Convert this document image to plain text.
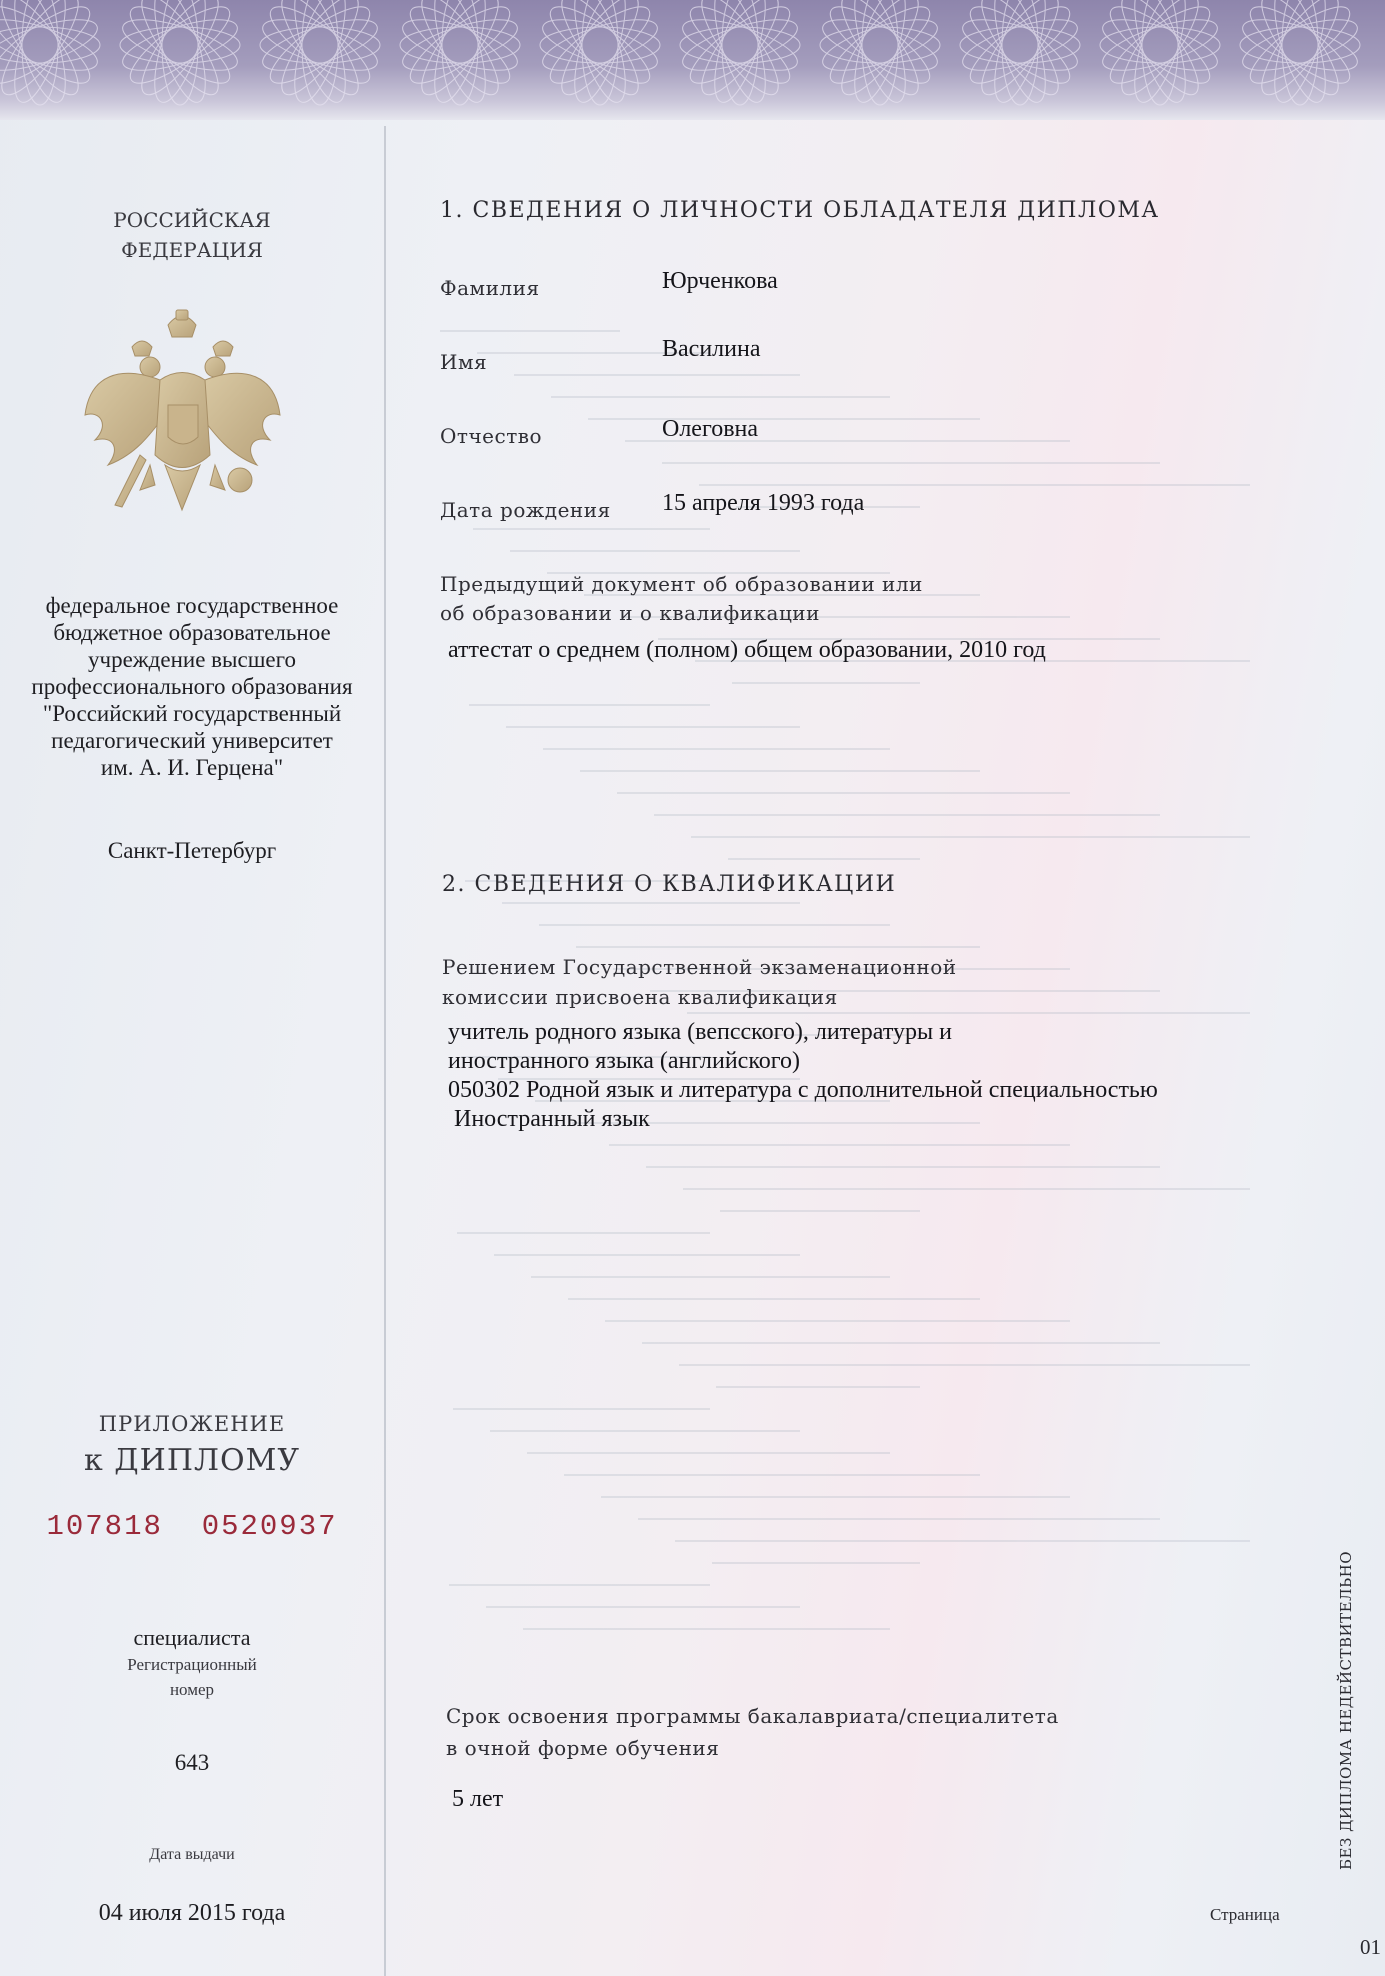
РОССИЙСКАЯ
ФЕДЕРАЦИЯ
федеральное государственное
бюджетное образовательное
учреждение высшего
профессионального образования
"Российский государственный
педагогический университет
им. А. И. Герцена"
Санкт-Петербург
ПРИЛОЖЕНИЕ
к ДИПЛОМУ
107818  0520937
специалиста
Регистрационный
номер
643
Дата выдачи
04 июля 2015 года
1. СВЕДЕНИЯ О ЛИЧНОСТИ ОБЛАДАТЕЛЯ ДИПЛОМА
Фамилия	Юрченкова
Имя	Василина
Отчество	Олеговна
Дата рождения 15 апреля 1993 года
Предыдущий документ об образовании или
об образовании и о квалификации
аттестат о среднем (полном) общем образовании, 2010 год
2. СВЕДЕНИЯ О КВАЛИФИКАЦИИ
Решением Государственной экзаменационной
комиссии присвоена квалификация
учитель родного языка (вепсского), литературы и
иностранного языка (английского)
050302 Родной язык и литература с дополнительной специальностью
Иностранный язык
Срок освоения программы бакалавриата/специалитета
в очной форме обучения
5 лет	БЕЗ ДИПЛОМА НЕДЕЙСТВИТЕЛЬНО
Страница
01
